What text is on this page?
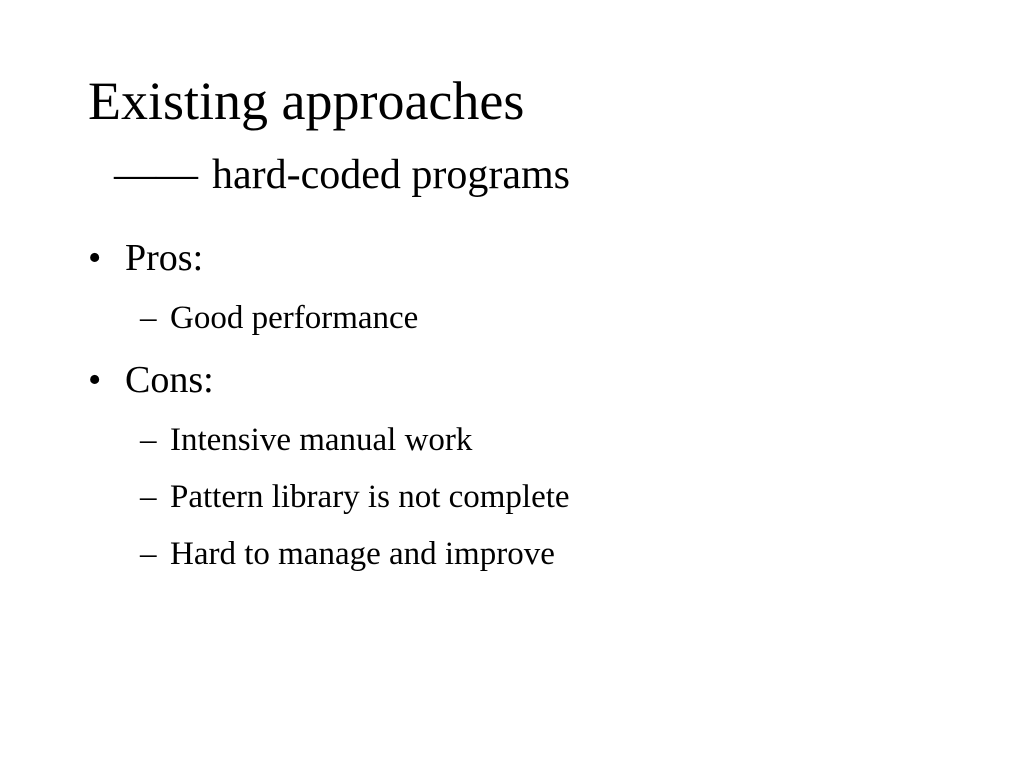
Existing approaches
—— hard-coded programs
• Pros:
– Good performance
• Cons:
– Intensive manual work
– Pattern library is not complete
– Hard to manage and improve
